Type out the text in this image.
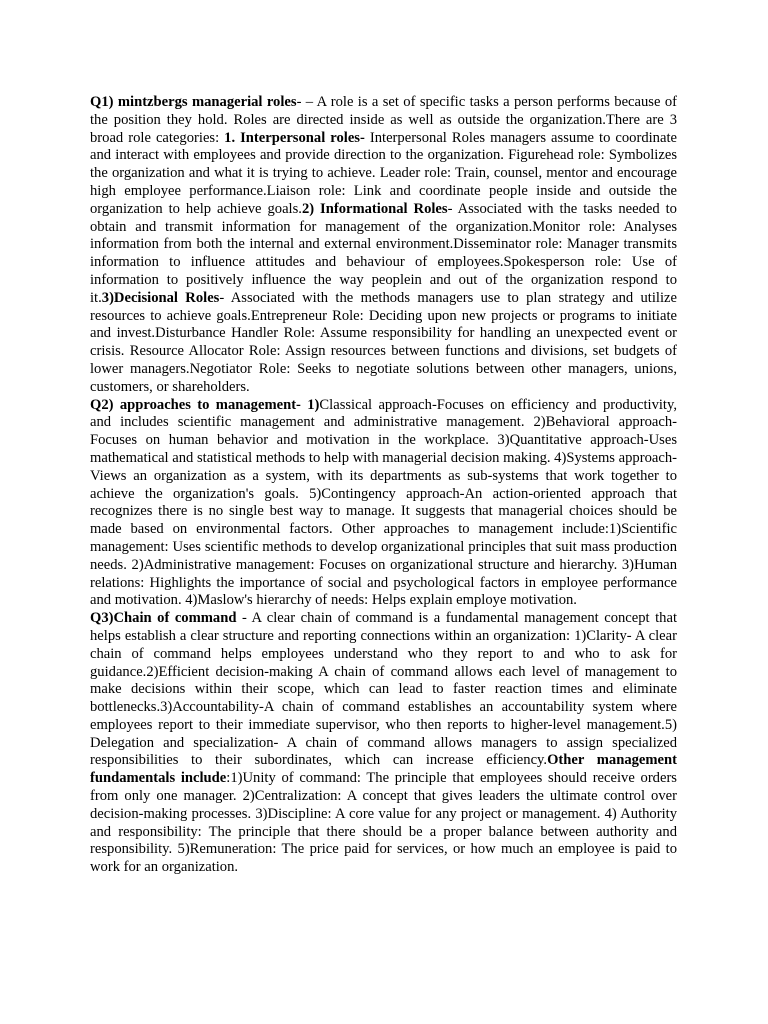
Q1) mintzbergs managerial roles- – A role is a set of specific tasks a person performs because of the position they hold. Roles are directed inside as well as outside the organization.There are 3 broad role categories: 1. Interpersonal roles- Interpersonal Roles managers assume to coordinate and interact with employees and provide direction to the organization. Figurehead role: Symbolizes the organization and what it is trying to achieve. Leader role: Train, counsel, mentor and encourage high employee performance.Liaison role: Link and coordinate people inside and outside the organization to help achieve goals.2) Informational Roles- Associated with the tasks needed to obtain and transmit information for management of the organization.Monitor role: Analyses information from both the internal and external environment.Disseminator role: Manager transmits information to influence attitudes and behaviour of employees.Spokesperson role: Use of information to positively influence the way peoplein and out of the organization respond to it.3)Decisional Roles- Associated with the methods managers use to plan strategy and utilize resources to achieve goals.Entrepreneur Role: Deciding upon new projects or programs to initiate and invest.Disturbance Handler Role: Assume responsibility for handling an unexpected event or crisis. Resource Allocator Role: Assign resources between functions and divisions, set budgets of lower managers.Negotiator Role: Seeks to negotiate solutions between other managers, unions, customers, or shareholders.

Q2) approaches to management- 1)Classical approach-Focuses on efficiency and productivity, and includes scientific management and administrative management. 2)Behavioral approach-Focuses on human behavior and motivation in the workplace. 3)Quantitative approach-Uses mathematical and statistical methods to help with managerial decision making. 4)Systems approach- Views an organization as a system, with its departments as sub-systems that work together to achieve the organization's goals. 5)Contingency approach-An action-oriented approach that recognizes there is no single best way to manage. It suggests that managerial choices should be made based on environmental factors. Other approaches to management include:1)Scientific management: Uses scientific methods to develop organizational principles that suit mass production needs. 2)Administrative management: Focuses on organizational structure and hierarchy. 3)Human relations: Highlights the importance of social and psychological factors in employee performance and motivation. 4)Maslow's hierarchy of needs: Helps explain employe motivation.

Q3)Chain of command - A clear chain of command is a fundamental management concept that helps establish a clear structure and reporting connections within an organization: 1)Clarity- A clear chain of command helps employees understand who they report to and who to ask for guidance.2)Efficient decision-making A chain of command allows each level of management to make decisions within their scope, which can lead to faster reaction times and eliminate bottlenecks.3)Accountability-A chain of command establishes an accountability system where employees report to their immediate supervisor, who then reports to higher-level management.5) Delegation and specialization- A chain of command allows managers to assign specialized responsibilities to their subordinates, which can increase efficiency.Other management fundamentals include:1)Unity of command: The principle that employees should receive orders from only one manager. 2)Centralization: A concept that gives leaders the ultimate control over decision-making processes. 3)Discipline: A core value for any project or management. 4) Authority and responsibility: The principle that there should be a proper balance between authority and responsibility. 5)Remuneration: The price paid for services, or how much an employee is paid to work for an organization.
